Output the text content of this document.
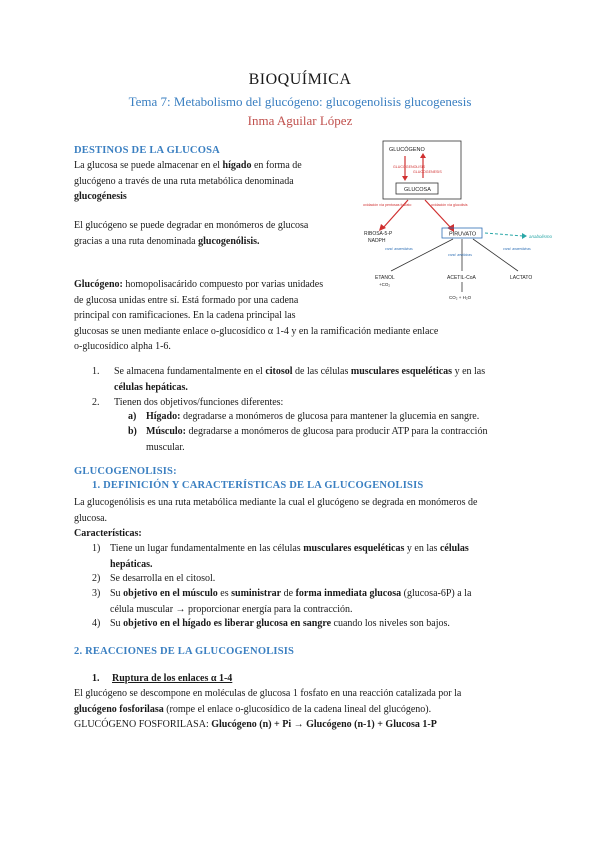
BIOQUÍMICA
Tema 7: Metabolismo del glucógeno: glucogenolisis glucogenesis
Inma Aguilar López
DESTINOS DE LA GLUCOSA
La glucosa se puede almacenar en el hígado en forma de
glucógeno a través de una ruta metabólica denominada
glucogénesis
El glucógeno se puede degradar en monómeros de glucosa
gracias a una ruta denominada glucogenólisis.
Glucógeno: homopolisacárido compuesto por varias unidades
de glucosa unidas entre sí. Está formado por una cadena
principal con ramificaciones. En la cadena principal las
glucosas se unen mediante enlace o-glucosídico α 1-4 y en la ramificación mediante enlace
o-glucosídico alpha 1-6.
1. Se almacena fundamentalmente en el citosol de las células musculares esqueléticas y en las
células hepáticas.
2. Tienen dos objetivos/funciones diferentes:
a) Hígado: degradarse a monómeros de glucosa para mantener la glucemia en sangre.
b) Músculo: degradarse a monómeros de glucosa para producir ATP para la contracción
muscular.
GLUCÓGENO
GLUCOGENOLISIS
GLUCOGENESIS
GLUCOSA
oxidación vía pentosas fosfato	oxidación vía glucolisis
RIBOSA-5-P
NADPH
PIRUVATO	anabolismo
cond. anaeróbicas
cond. aeróbicas
cond. anaeróbicas
ETANOL
+CO₂
ACETIL-CoA
CO₂ + H₂O
LACTATO
GLUCOGENOLISIS:
1. DEFINICIÓN Y CARACTERÍSTICAS DE LA GLUCOGENOLISIS
La glucogenólisis es una ruta metabólica mediante la cual el glucógeno se degrada en monómeros de
glucosa.
Características:
1) Tiene un lugar fundamentalmente en las células musculares esqueléticas y en las células
hepáticas.
2) Se desarrolla en el citosol.
3) Su objetivo en el músculo es suministrar de forma inmediata glucosa (glucosa-6P) a la
célula muscular → proporcionar energía para la contracción.
4) Su objetivo en el hígado es liberar glucosa en sangre cuando los niveles son bajos.
2. REACCIONES DE LA GLUCOGENOLISIS
1. Ruptura de los enlaces α 1-4
El glucógeno se descompone en moléculas de glucosa 1 fosfato en una reacción catalizada por la
glucógeno fosforilasa (rompe el enlace o-glucosídico de la cadena lineal del glucógeno).
GLUCÓGENO FOSFORILASA: Glucógeno (n) + Pi → Glucógeno (n-1) + Glucosa 1-P
